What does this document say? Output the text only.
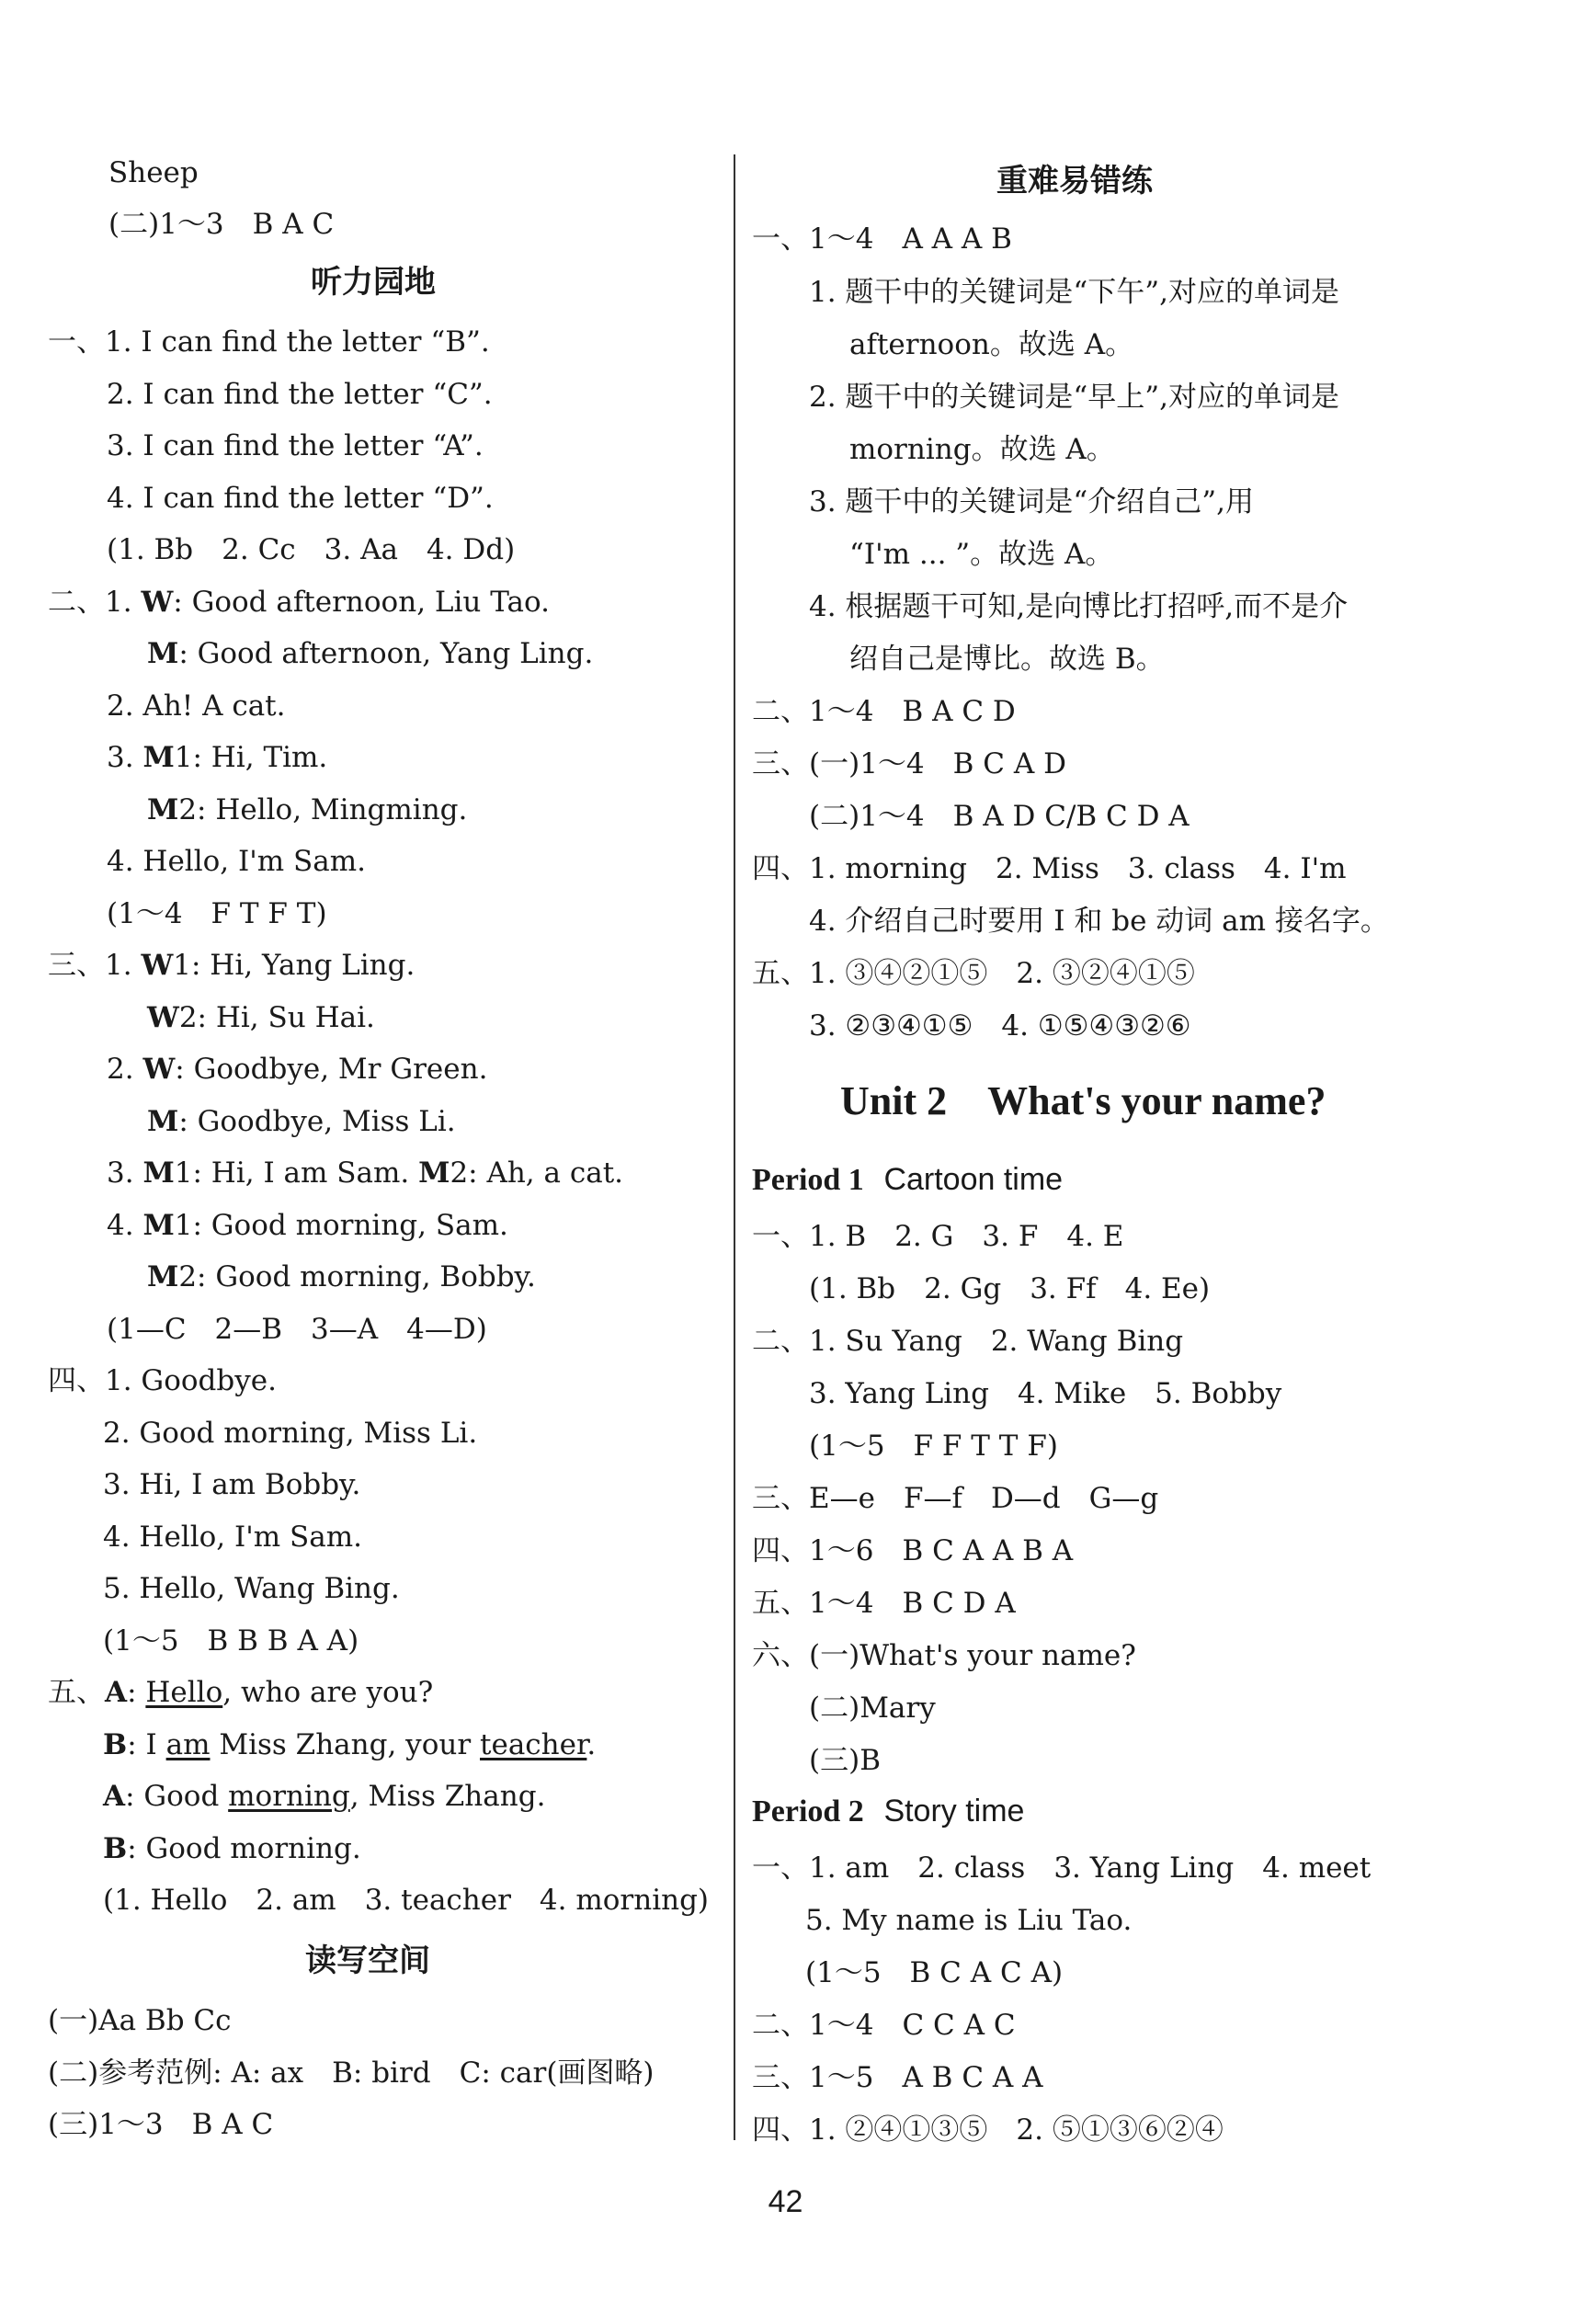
Sheep
(二)1～3　B A C
听力园地
一、1. I can find the letter “B”.
2. I can find the letter “C”.
3. I can find the letter “A”.
4. I can find the letter “D”.
(1. Bb　2. Cc　3. Aa　4. Dd)
二、1. W: Good afternoon, Liu Tao.
M: Good afternoon, Yang Ling.
2. Ah! A cat.
3. M1: Hi, Tim.
M2: Hello, Mingming.
4. Hello, I'm Sam.
(1～4　F T F T)
三、1. W1: Hi, Yang Ling.
W2: Hi, Su Hai.
2. W: Goodbye, Mr Green.
M: Goodbye, Miss Li.
3. M1: Hi, I am Sam. M2: Ah, a cat.
4. M1: Good morning, Sam.
M2: Good morning, Bobby.
(1—C　2—B　3—A　4—D)
四、1. Goodbye.
2. Good morning, Miss Li.
3. Hi, I am Bobby.
4. Hello, I'm Sam.
5. Hello, Wang Bing.
(1～5　B B B A A)
五、A: Hello, who are you?
B: I am Miss Zhang, your teacher.
A: Good morning, Miss Zhang.
B: Good morning.
(1. Hello　2. am　3. teacher　4. morning)
读写空间
(一)Aa Bb Cc
(二)参考范例: A: ax　B: bird　C: car(画图略)
(三)1～3　B A C
重难易错练
一、1～4　A A A B
1. 题干中的关键词是“下午”,对应的单词是
afternoon。故选 A。
2. 题干中的关键词是“早上”,对应的单词是
morning。故选 A。
3. 题干中的关键词是“介绍自己”,用
“I'm ... ”。故选 A。
4. 根据题干可知,是向博比打招呼,而不是介
绍自己是博比。故选 B。
二、1～4　B A C D
三、(一)1～4　B C A D
(二)1～4　B A D C/B C D A
四、1. morning　2. Miss　3. class　4. I'm
4. 介绍自己时要用 I 和 be 动词 am 接名字。
五、1. ③④②①⑤　2. ③②④①⑤
3. ②③④①⑤　4. ①⑤④③②⑥
Unit 2　What's your name?
Period 1 Cartoon time
一、1. B　2. G　3. F　4. E
(1. Bb　2. Gg　3. Ff　4. Ee)
二、1. Su Yang　2. Wang Bing
3. Yang Ling　4. Mike　5. Bobby
(1～5　F F T T F)
三、E—e　F—f　D—d　G—g
四、1～6　B C A A B A
五、1～4　B C D A
六、(一)What's your name?
(二)Mary
(三)B
Period 2 Story time
一、1. am　2. class　3. Yang Ling　4. meet
5. My name is Liu Tao.
(1～5　B C A C A)
二、1～4　C C A C
三、1～5　A B C A A
四、1. ②④①③⑤　2. ⑤①③⑥②④
42
